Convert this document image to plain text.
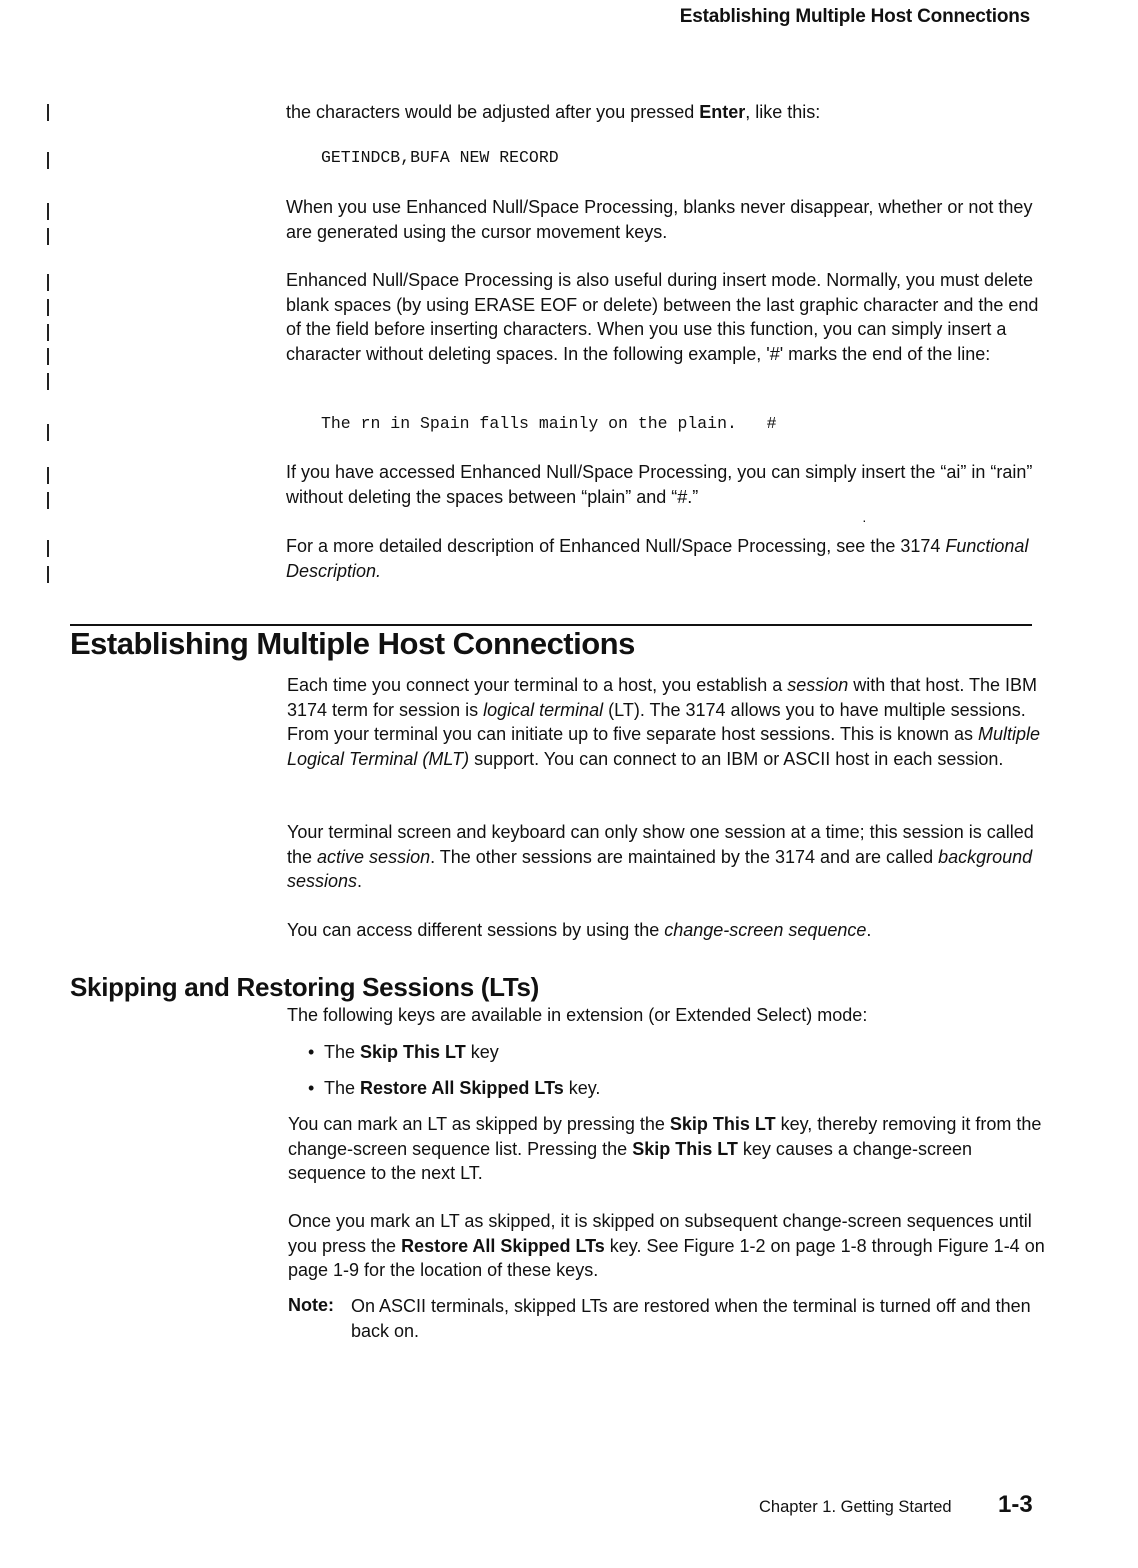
Establishing Multiple Host Connections

the characters would be adjusted after you pressed Enter, like this:

GETINDCB,BUFA NEW RECORD

When you use Enhanced Null/Space Processing, blanks never disappear, whether or not they are generated using the cursor movement keys.

Enhanced Null/Space Processing is also useful during insert mode. Normally, you must delete blank spaces (by using ERASE EOF or delete) between the last graphic character and the end of the field before inserting characters. When you use this function, you can simply insert a character without deleting spaces. In the following example, '#' marks the end of the line:

The rn in Spain falls mainly on the plain.   #

If you have accessed Enhanced Null/Space Processing, you can simply insert the “ai” in “rain” without deleting the spaces between “plain” and “#.”

·

For a more detailed description of Enhanced Null/Space Processing, see the 3174 Functional Description.

Establishing Multiple Host Connections

Each time you connect your terminal to a host, you establish a session with that host. The IBM 3174 term for session is logical terminal (LT). The 3174 allows you to have multiple sessions. From your terminal you can initiate up to five separate host sessions. This is known as Multiple Logical Terminal (MLT) support. You can connect to an IBM or ASCII host in each session.

Your terminal screen and keyboard can only show one session at a time; this session is called the active session. The other sessions are maintained by the 3174 and are called background sessions.

You can access different sessions by using the change-screen sequence.

Skipping and Restoring Sessions (LTs)

The following keys are available in extension (or Extended Select) mode:

• The Skip This LT key
• The Restore All Skipped LTs key.

You can mark an LT as skipped by pressing the Skip This LT key, thereby removing it from the change-screen sequence list. Pressing the Skip This LT key causes a change-screen sequence to the next LT.

Once you mark an LT as skipped, it is skipped on subsequent change-screen sequences until you press the Restore All Skipped LTs key. See Figure 1-2 on page 1-8 through Figure 1-4 on page 1-9 for the location of these keys.

Note: On ASCII terminals, skipped LTs are restored when the terminal is turned off and then back on.

Chapter 1. Getting Started 1-3
